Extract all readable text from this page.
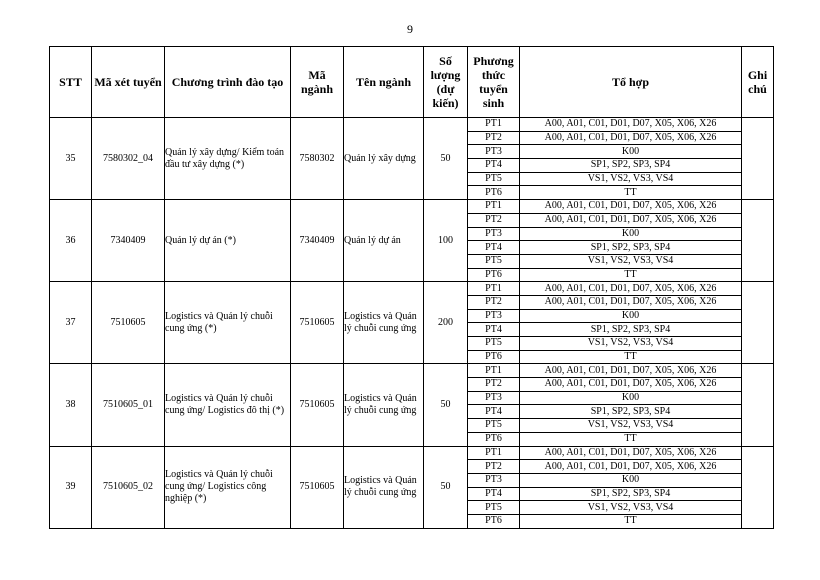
9
STT	Mã xét tuyển	Chương trình đào tạo	Mã ngành	Tên ngành	Số lượng (dự kiến)	Phương thức tuyển sinh	Tổ hợp	Ghi chú
35	7580302_04	Quản lý xây dựng/ Kiểm toán đầu tư xây dựng (*)	7580302	Quản lý xây dựng	50	PT1	A00, A01, C01, D01, D07, X05, X06, X26	
						PT2	A00, A01, C01, D01, D07, X05, X06, X26	
						PT3	K00	
						PT4	SP1, SP2, SP3, SP4	
						PT5	VS1, VS2, VS3, VS4	
						PT6	TT	
36	7340409	Quản lý dự án (*)	7340409	Quản lý dự án	100	PT1	A00, A01, C01, D01, D07, X05, X06, X26	
						PT2	A00, A01, C01, D01, D07, X05, X06, X26	
						PT3	K00	
						PT4	SP1, SP2, SP3, SP4	
						PT5	VS1, VS2, VS3, VS4	
						PT6	TT	
37	7510605	Logistics và Quản lý chuỗi cung ứng (*)	7510605	Logistics và Quản lý chuỗi cung ứng	200	PT1	A00, A01, C01, D01, D07, X05, X06, X26	
						PT2	A00, A01, C01, D01, D07, X05, X06, X26	
						PT3	K00	
						PT4	SP1, SP2, SP3, SP4	
						PT5	VS1, VS2, VS3, VS4	
						PT6	TT	
38	7510605_01	Logistics và Quản lý chuỗi cung ứng/ Logistics đô thị (*)	7510605	Logistics và Quản lý chuỗi cung ứng	50	PT1	A00, A01, C01, D01, D07, X05, X06, X26	
						PT2	A00, A01, C01, D01, D07, X05, X06, X26	
						PT3	K00	
						PT4	SP1, SP2, SP3, SP4	
						PT5	VS1, VS2, VS3, VS4	
						PT6	TT	
39	7510605_02	Logistics và Quản lý chuỗi cung ứng/ Logistics công nghiệp (*)	7510605	Logistics và Quản lý chuỗi cung ứng	50	PT1	A00, A01, C01, D01, D07, X05, X06, X26	
						PT2	A00, A01, C01, D01, D07, X05, X06, X26	
						PT3	K00	
						PT4	SP1, SP2, SP3, SP4	
						PT5	VS1, VS2, VS3, VS4	
						PT6	TT	
